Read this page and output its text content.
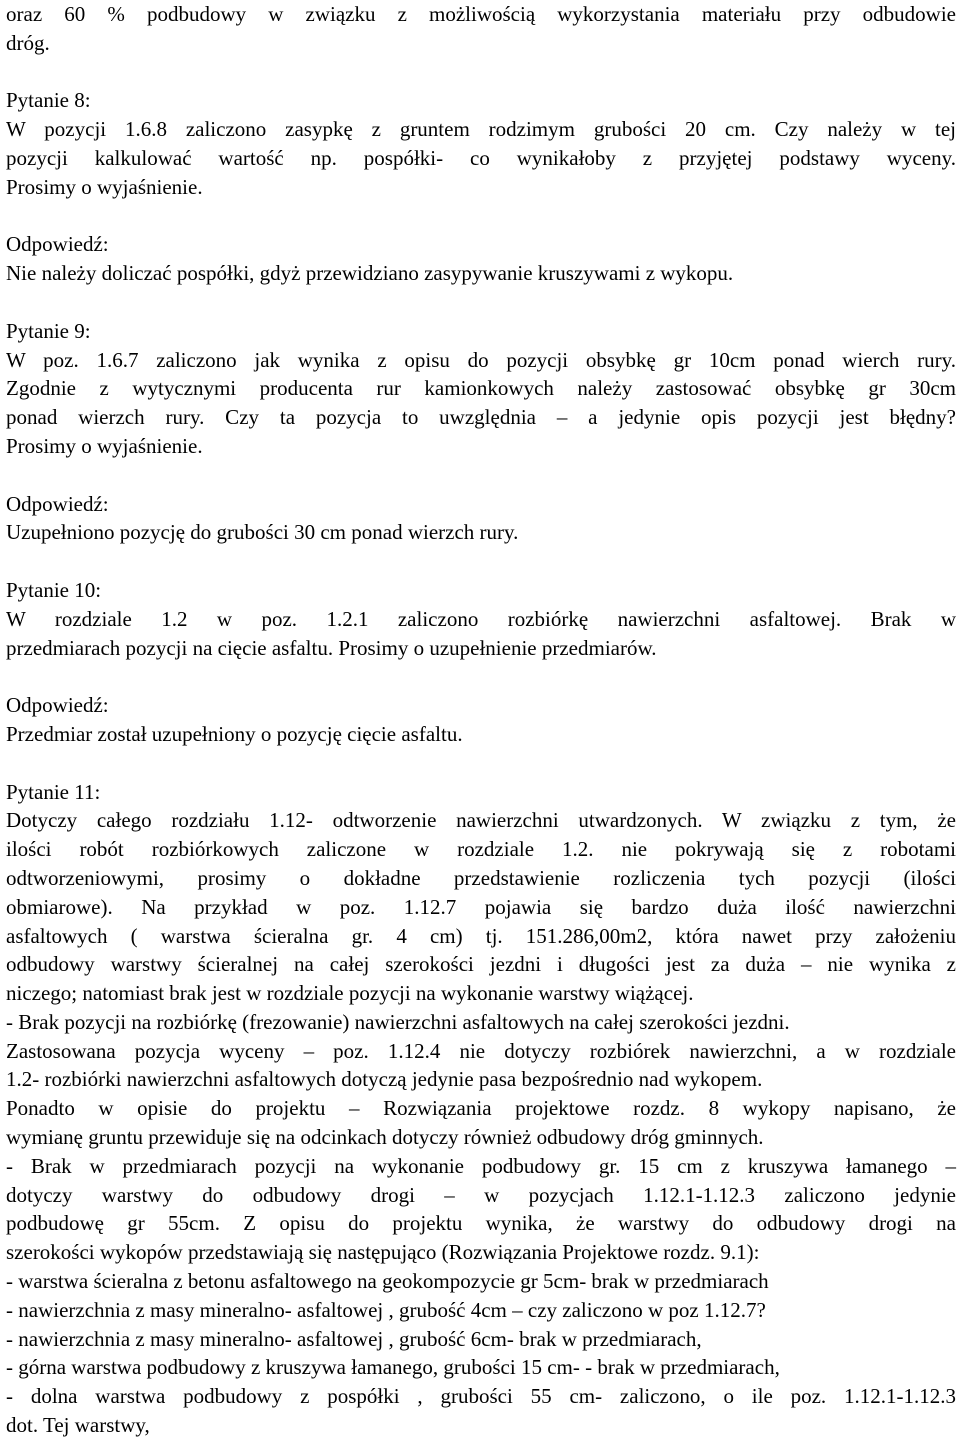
oraz 60 % podbudowy w związku z możliwością wykorzystania materiału przy odbudowie
dróg.
Pytanie 8:
W pozycji 1.6.8 zaliczono zasypkę z gruntem rodzimym grubości 20 cm. Czy należy w tej
pozycji kalkulować wartość np. pospółki- co wynikałoby z przyjętej podstawy wyceny.
Prosimy o wyjaśnienie.
Odpowiedź:
Nie należy doliczać pospółki, gdyż przewidziano zasypywanie kruszywami z wykopu.
Pytanie 9:
W poz. 1.6.7 zaliczono jak wynika z opisu do pozycji obsybkę gr 10cm ponad wierch rury.
Zgodnie z wytycznymi producenta rur kamionkowych należy zastosować obsybkę gr 30cm
ponad wierzch rury. Czy ta pozycja to uwzględnia – a jedynie opis pozycji jest błędny?
Prosimy o wyjaśnienie.
Odpowiedź:
Uzupełniono pozycję do grubości 30 cm ponad wierzch rury.
Pytanie 10:
W rozdziale 1.2 w poz. 1.2.1 zaliczono rozbiórkę nawierzchni asfaltowej. Brak w
przedmiarach pozycji na cięcie asfaltu. Prosimy o uzupełnienie przedmiarów.
Odpowiedź:
Przedmiar został uzupełniony o pozycję cięcie asfaltu.
Pytanie 11:
Dotyczy całego rozdziału 1.12- odtworzenie nawierzchni utwardzonych. W związku z tym, że
ilości robót rozbiórkowych zaliczone w rozdziale 1.2. nie pokrywają się z robotami
odtworzeniowymi, prosimy o dokładne przedstawienie rozliczenia tych pozycji (ilości
obmiarowe). Na przykład w poz. 1.12.7 pojawia się bardzo duża ilość nawierzchni
asfaltowych ( warstwa ścieralna gr. 4 cm) tj. 151.286,00m2, która nawet przy założeniu
odbudowy warstwy ścieralnej na całej szerokości jezdni i długości jest za duża – nie wynika z
niczego; natomiast brak jest w rozdziale pozycji na wykonanie warstwy wiążącej.
- Brak pozycji na rozbiórkę (frezowanie) nawierzchni asfaltowych na całej szerokości jezdni.
Zastosowana pozycja wyceny – poz. 1.12.4 nie dotyczy rozbiórek nawierzchni, a w rozdziale
1.2- rozbiórki nawierzchni asfaltowych dotyczą jedynie pasa bezpośrednio nad wykopem.
Ponadto w opisie do projektu – Rozwiązania projektowe rozdz. 8 wykopy napisano, że
wymianę gruntu przewiduje się na odcinkach dotyczy również odbudowy dróg gminnych.
- Brak w przedmiarach pozycji na wykonanie podbudowy gr. 15 cm z kruszywa łamanego –
dotyczy warstwy do odbudowy drogi – w pozycjach 1.12.1-1.12.3 zaliczono jedynie
podbudowę gr 55cm. Z opisu do projektu wynika, że warstwy do odbudowy drogi na
szerokości wykopów przedstawiają się następująco (Rozwiązania Projektowe rozdz. 9.1):
- warstwa ścieralna z betonu asfaltowego na geokompozycie gr 5cm- brak w przedmiarach
- nawierzchnia z masy mineralno- asfaltowej , grubość 4cm – czy zaliczono w poz 1.12.7?
- nawierzchnia z masy mineralno- asfaltowej , grubość 6cm- brak w przedmiarach,
- górna warstwa podbudowy z kruszywa łamanego, grubości 15 cm- - brak w przedmiarach,
- dolna warstwa podbudowy z pospółki , grubości 55 cm- zaliczono, o ile poz. 1.12.1-1.12.3
dot. Tej warstwy,
